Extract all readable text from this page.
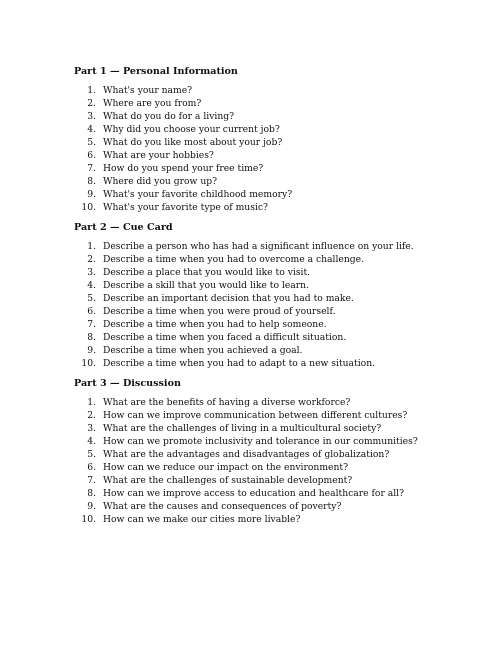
Part 1 — Personal Information
1. What's your name?
2. Where are you from?
3. What do you do for a living?
4. Why did you choose your current job?
5. What do you like most about your job?
6. What are your hobbies?
7. How do you spend your free time?
8. Where did you grow up?
9. What's your favorite childhood memory?
10. What's your favorite type of music?
Part 2 — Cue Card
1. Describe a person who has had a significant influence on your life.
2. Describe a time when you had to overcome a challenge.
3. Describe a place that you would like to visit.
4. Describe a skill that you would like to learn.
5. Describe an important decision that you had to make.
6. Describe a time when you were proud of yourself.
7. Describe a time when you had to help someone.
8. Describe a time when you faced a difficult situation.
9. Describe a time when you achieved a goal.
10. Describe a time when you had to adapt to a new situation.
Part 3 — Discussion
1. What are the benefits of having a diverse workforce?
2. How can we improve communication between different cultures?
3. What are the challenges of living in a multicultural society?
4. How can we promote inclusivity and tolerance in our communities?
5. What are the advantages and disadvantages of globalization?
6. How can we reduce our impact on the environment?
7. What are the challenges of sustainable development?
8. How can we improve access to education and healthcare for all?
9. What are the causes and consequences of poverty?
10. How can we make our cities more livable?
